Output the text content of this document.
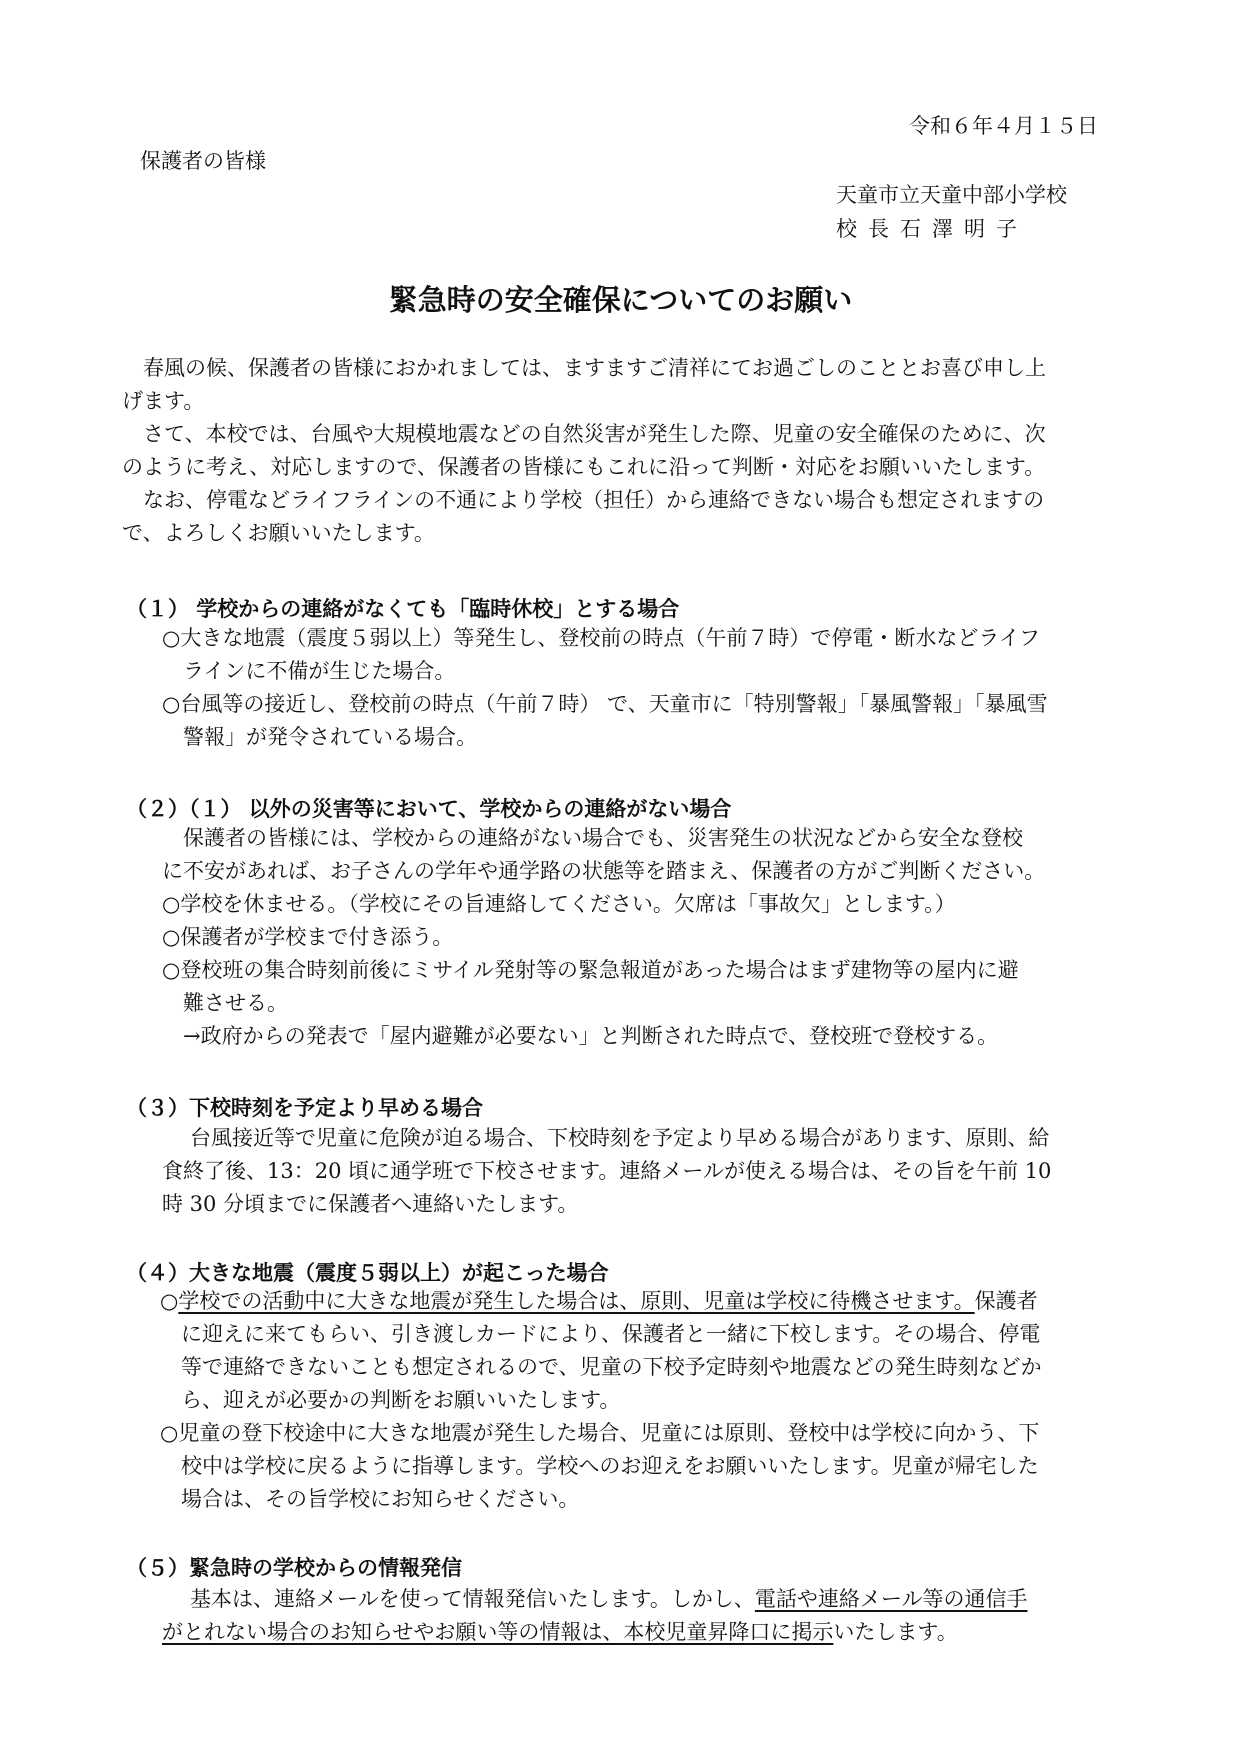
令和６年４月１５日
保護者の皆様
天童市立天童中部小学校
校長石澤明子
緊急時の安全確保についてのお願い
春風の候、保護者の皆様におかれましては、ますますご清祥にてお過ごしのこととお喜び申し上
げます。
さて、本校では、台風や大規模地震などの自然災害が発生した際、児童の安全確保のために、次
のように考え、対応しますので、保護者の皆様にもこれに沿って判断・対応をお願いいたします。
なお、停電などライフラインの不通により学校（担任）から連絡できない場合も想定されますの
で、よろしくお願いいたします。
（１） 学校からの連絡がなくても「臨時休校」とする場合
○大きな地震（震度５弱以上）等発生し、登校前の時点（午前７時）で停電・断水などライフ
ラインに不備が生じた場合。
○台風等の接近し、登校前の時点（午前７時） で、天童市に「特別警報」「暴風警報」「暴風雪
警報」が発令されている場合。
（２）（１） 以外の災害等において、学校からの連絡がない場合
保護者の皆様には、学校からの連絡がない場合でも、災害発生の状況などから安全な登校
に不安があれば、お子さんの学年や通学路の状態等を踏まえ、保護者の方がご判断ください。
○学校を休ませる。（学校にその旨連絡してください。欠席は「事故欠」とします。）
○保護者が学校まで付き添う。
○登校班の集合時刻前後にミサイル発射等の緊急報道があった場合はまず建物等の屋内に避
難させる。
→政府からの発表で「屋内避難が必要ない」と判断された時点で、登校班で登校する。
（３）下校時刻を予定より早める場合
台風接近等で児童に危険が迫る場合、下校時刻を予定より早める場合があります、原則、給
食終了後、13：20 頃に通学班で下校させます。連絡メールが使える場合は、その旨を午前 10
時 30 分頃までに保護者へ連絡いたします。
（４）大きな地震（震度５弱以上）が起こった場合
○学校での活動中に大きな地震が発生した場合は、原則、児童は学校に待機させます。保護者
に迎えに来てもらい、引き渡しカードにより、保護者と一緒に下校します。その場合、停電
等で連絡できないことも想定されるので、児童の下校予定時刻や地震などの発生時刻などか
ら、迎えが必要かの判断をお願いいたします。
○児童の登下校途中に大きな地震が発生した場合、児童には原則、登校中は学校に向かう、下
校中は学校に戻るように指導します。学校へのお迎えをお願いいたします。児童が帰宅した
場合は、その旨学校にお知らせください。
（５）緊急時の学校からの情報発信
基本は、連絡メールを使って情報発信いたします。しかし、電話や連絡メール等の通信手
がとれない場合のお知らせやお願い等の情報は、本校児童昇降口に掲示いたします。
